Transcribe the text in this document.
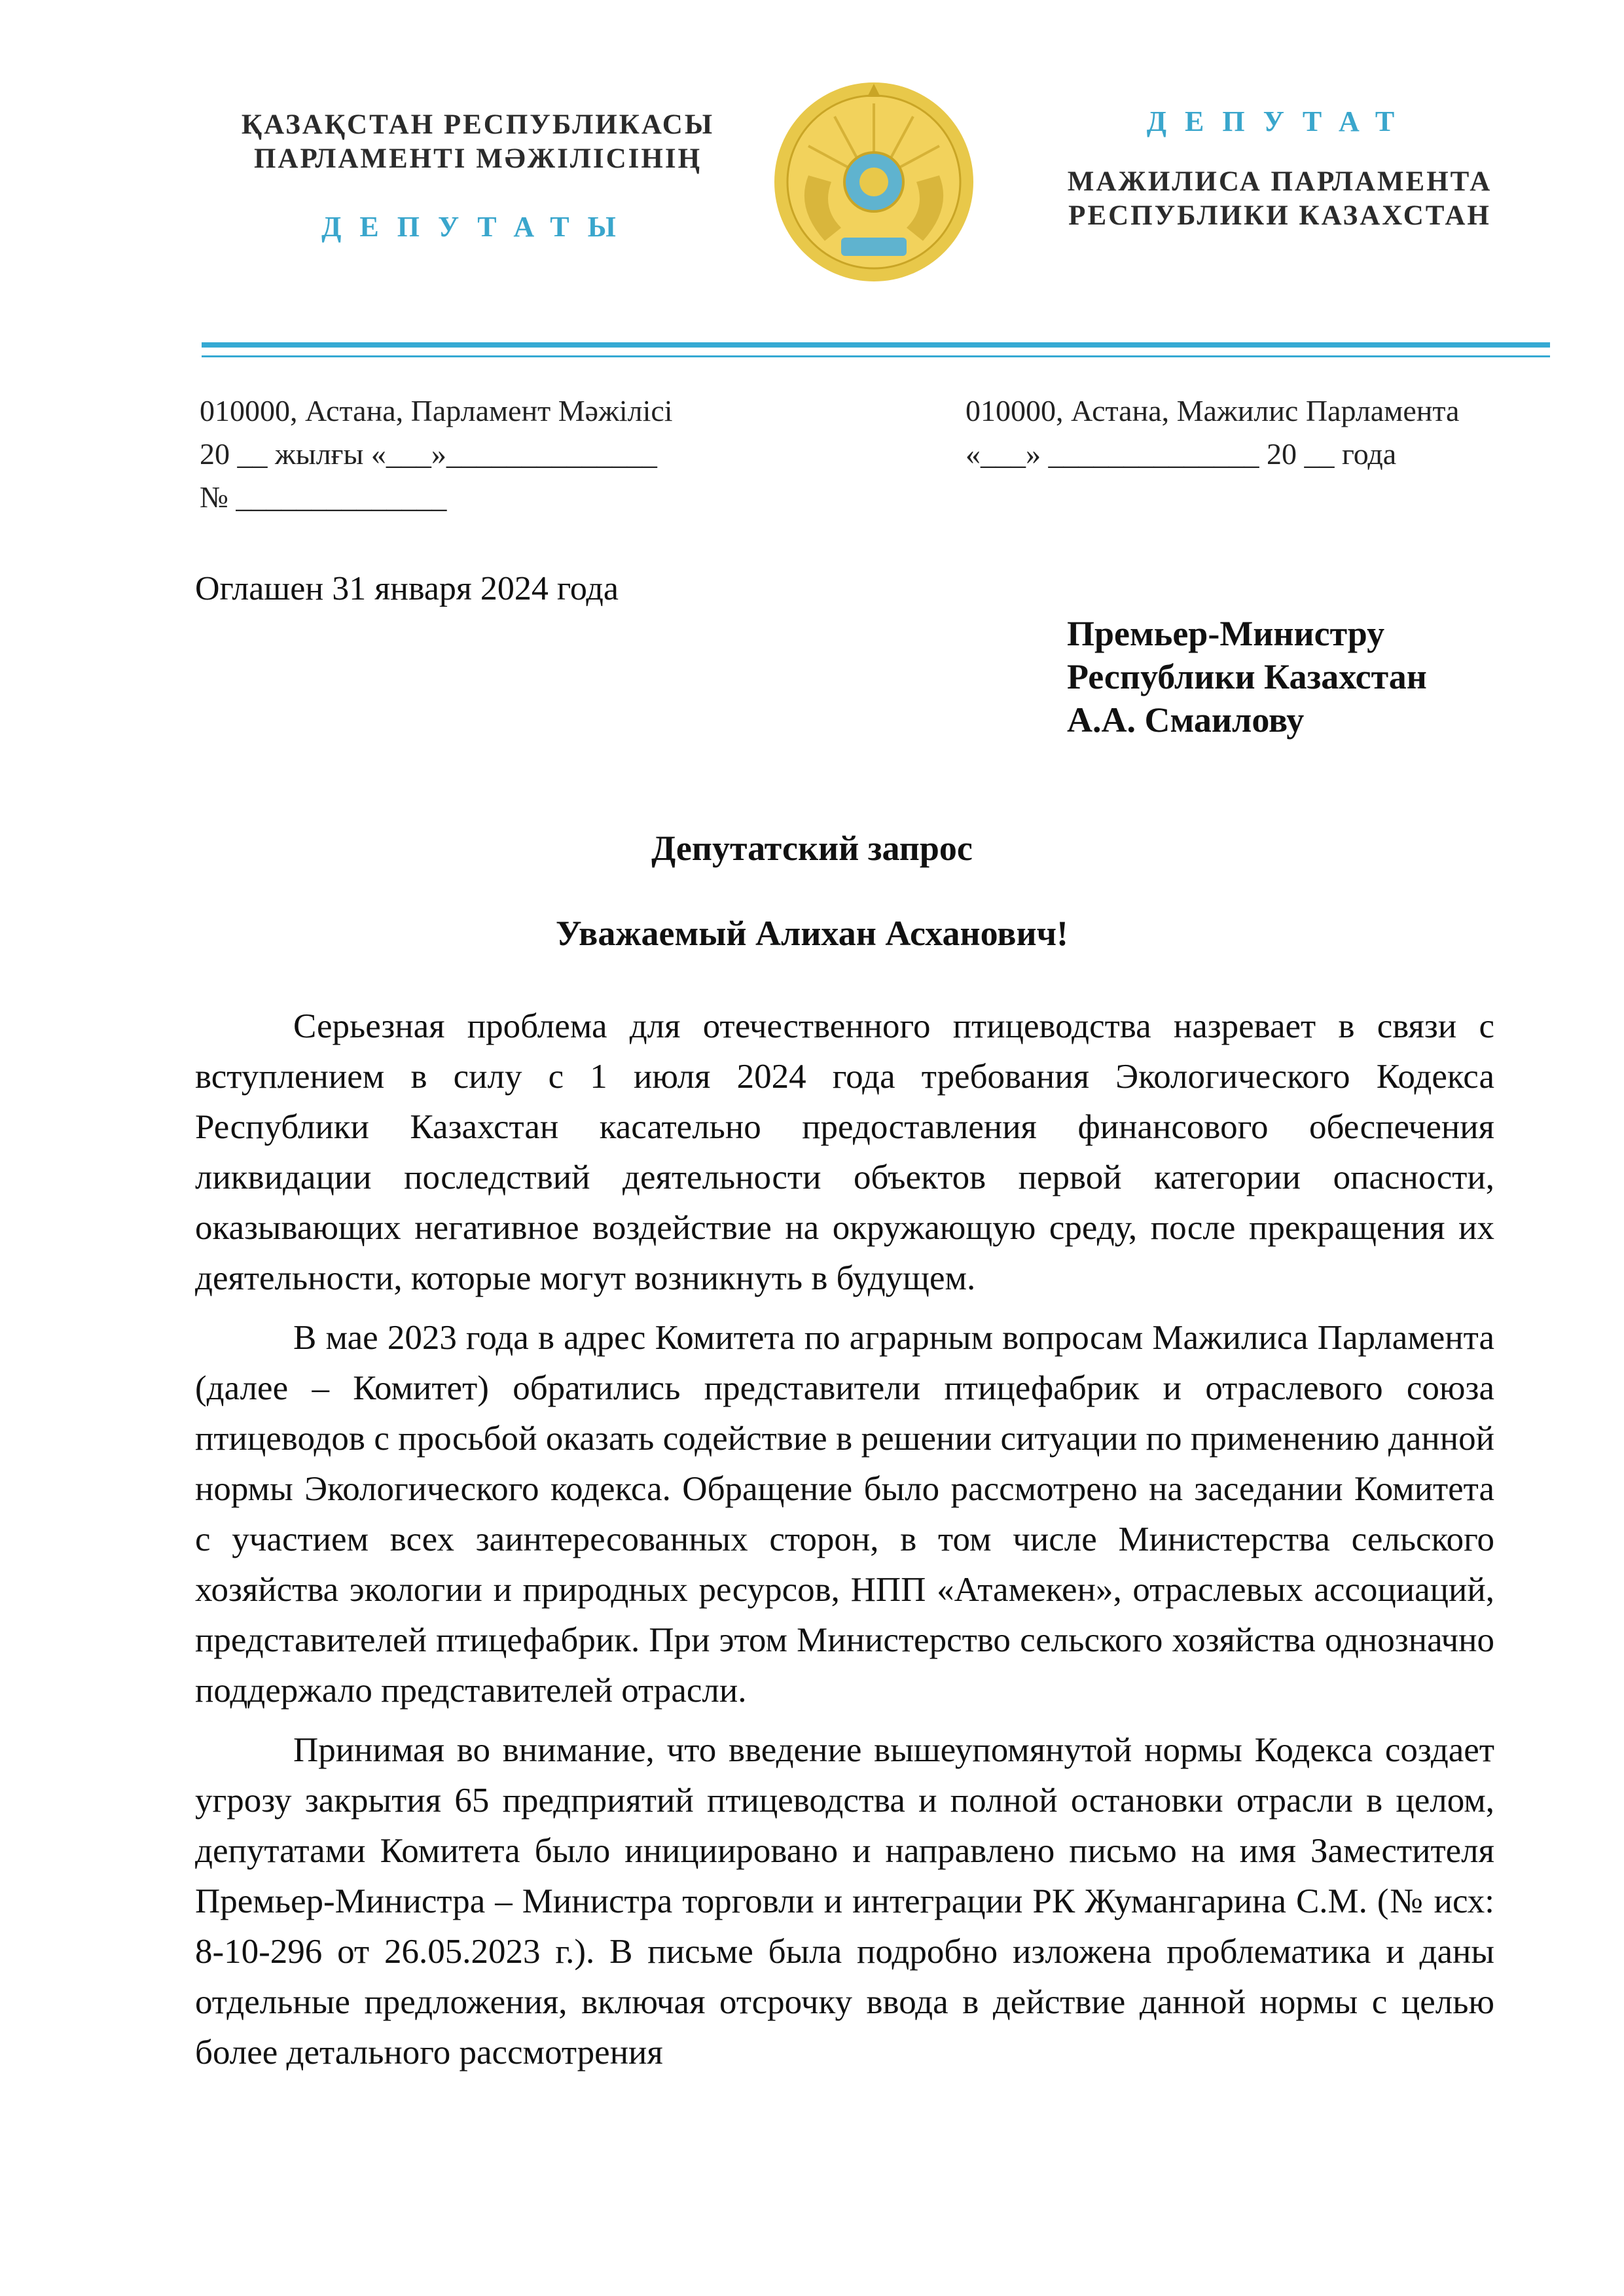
ҚАЗАҚСТАН РЕСПУБЛИКАСЫ
ПАРЛАМЕНТІ МӘЖІЛІСІНІҢ
ДЕПУТАТЫ
ДЕПУТАТ
МАЖИЛИСА ПАРЛАМЕНТА
РЕСПУБЛИКИ КАЗАХСТАН
010000, Астана, Парламент Мәжілісі
20 __ жылғы «___»______________
№ ______________
010000, Астана, Мажилис Парламента
«___» ______________ 20 __ года
Оглашен 31 января 2024 года
Премьер-Министру
Республики Казахстан
А.А. Смаилову
Депутатский запрос
Уважаемый Алихан Асханович!

Серьезная проблема для отечественного птицеводства назревает в связи с вступлением в силу с 1 июля 2024 года требования Экологического Кодекса Республики Казахстан касательно предоставления финансового обеспечения ликвидации последствий деятельности объектов первой категории опасности, оказывающих негативное воздействие на окружающую среду, после прекращения их деятельности, которые могут возникнуть в будущем.

В мае 2023 года в адрес Комитета по аграрным вопросам Мажилиса Парламента (далее – Комитет) обратились представители птицефабрик и отраслевого союза птицеводов с просьбой оказать содействие в решении ситуации по применению данной нормы Экологического кодекса. Обращение было рассмотрено на заседании Комитета с участием всех заинтересованных сторон, в том числе Министерства сельского хозяйства экологии и природных ресурсов, НПП «Атамекен», отраслевых ассоциаций, представителей птицефабрик. При этом Министерство сельского хозяйства однозначно поддержало представителей отрасли.

Принимая во внимание, что введение вышеупомянутой нормы Кодекса создает угрозу закрытия 65 предприятий птицеводства и полной остановки отрасли в целом, депутатами Комитета было инициировано и направлено письмо на имя Заместителя Премьер-Министра – Министра торговли и интеграции РК Жумангарина С.М. (№ исх: 8-10-296 от 26.05.2023 г.). В письме была подробно изложена проблематика и даны отдельные предложения, включая отсрочку ввода в действие данной нормы с целью более детального рассмотрения
